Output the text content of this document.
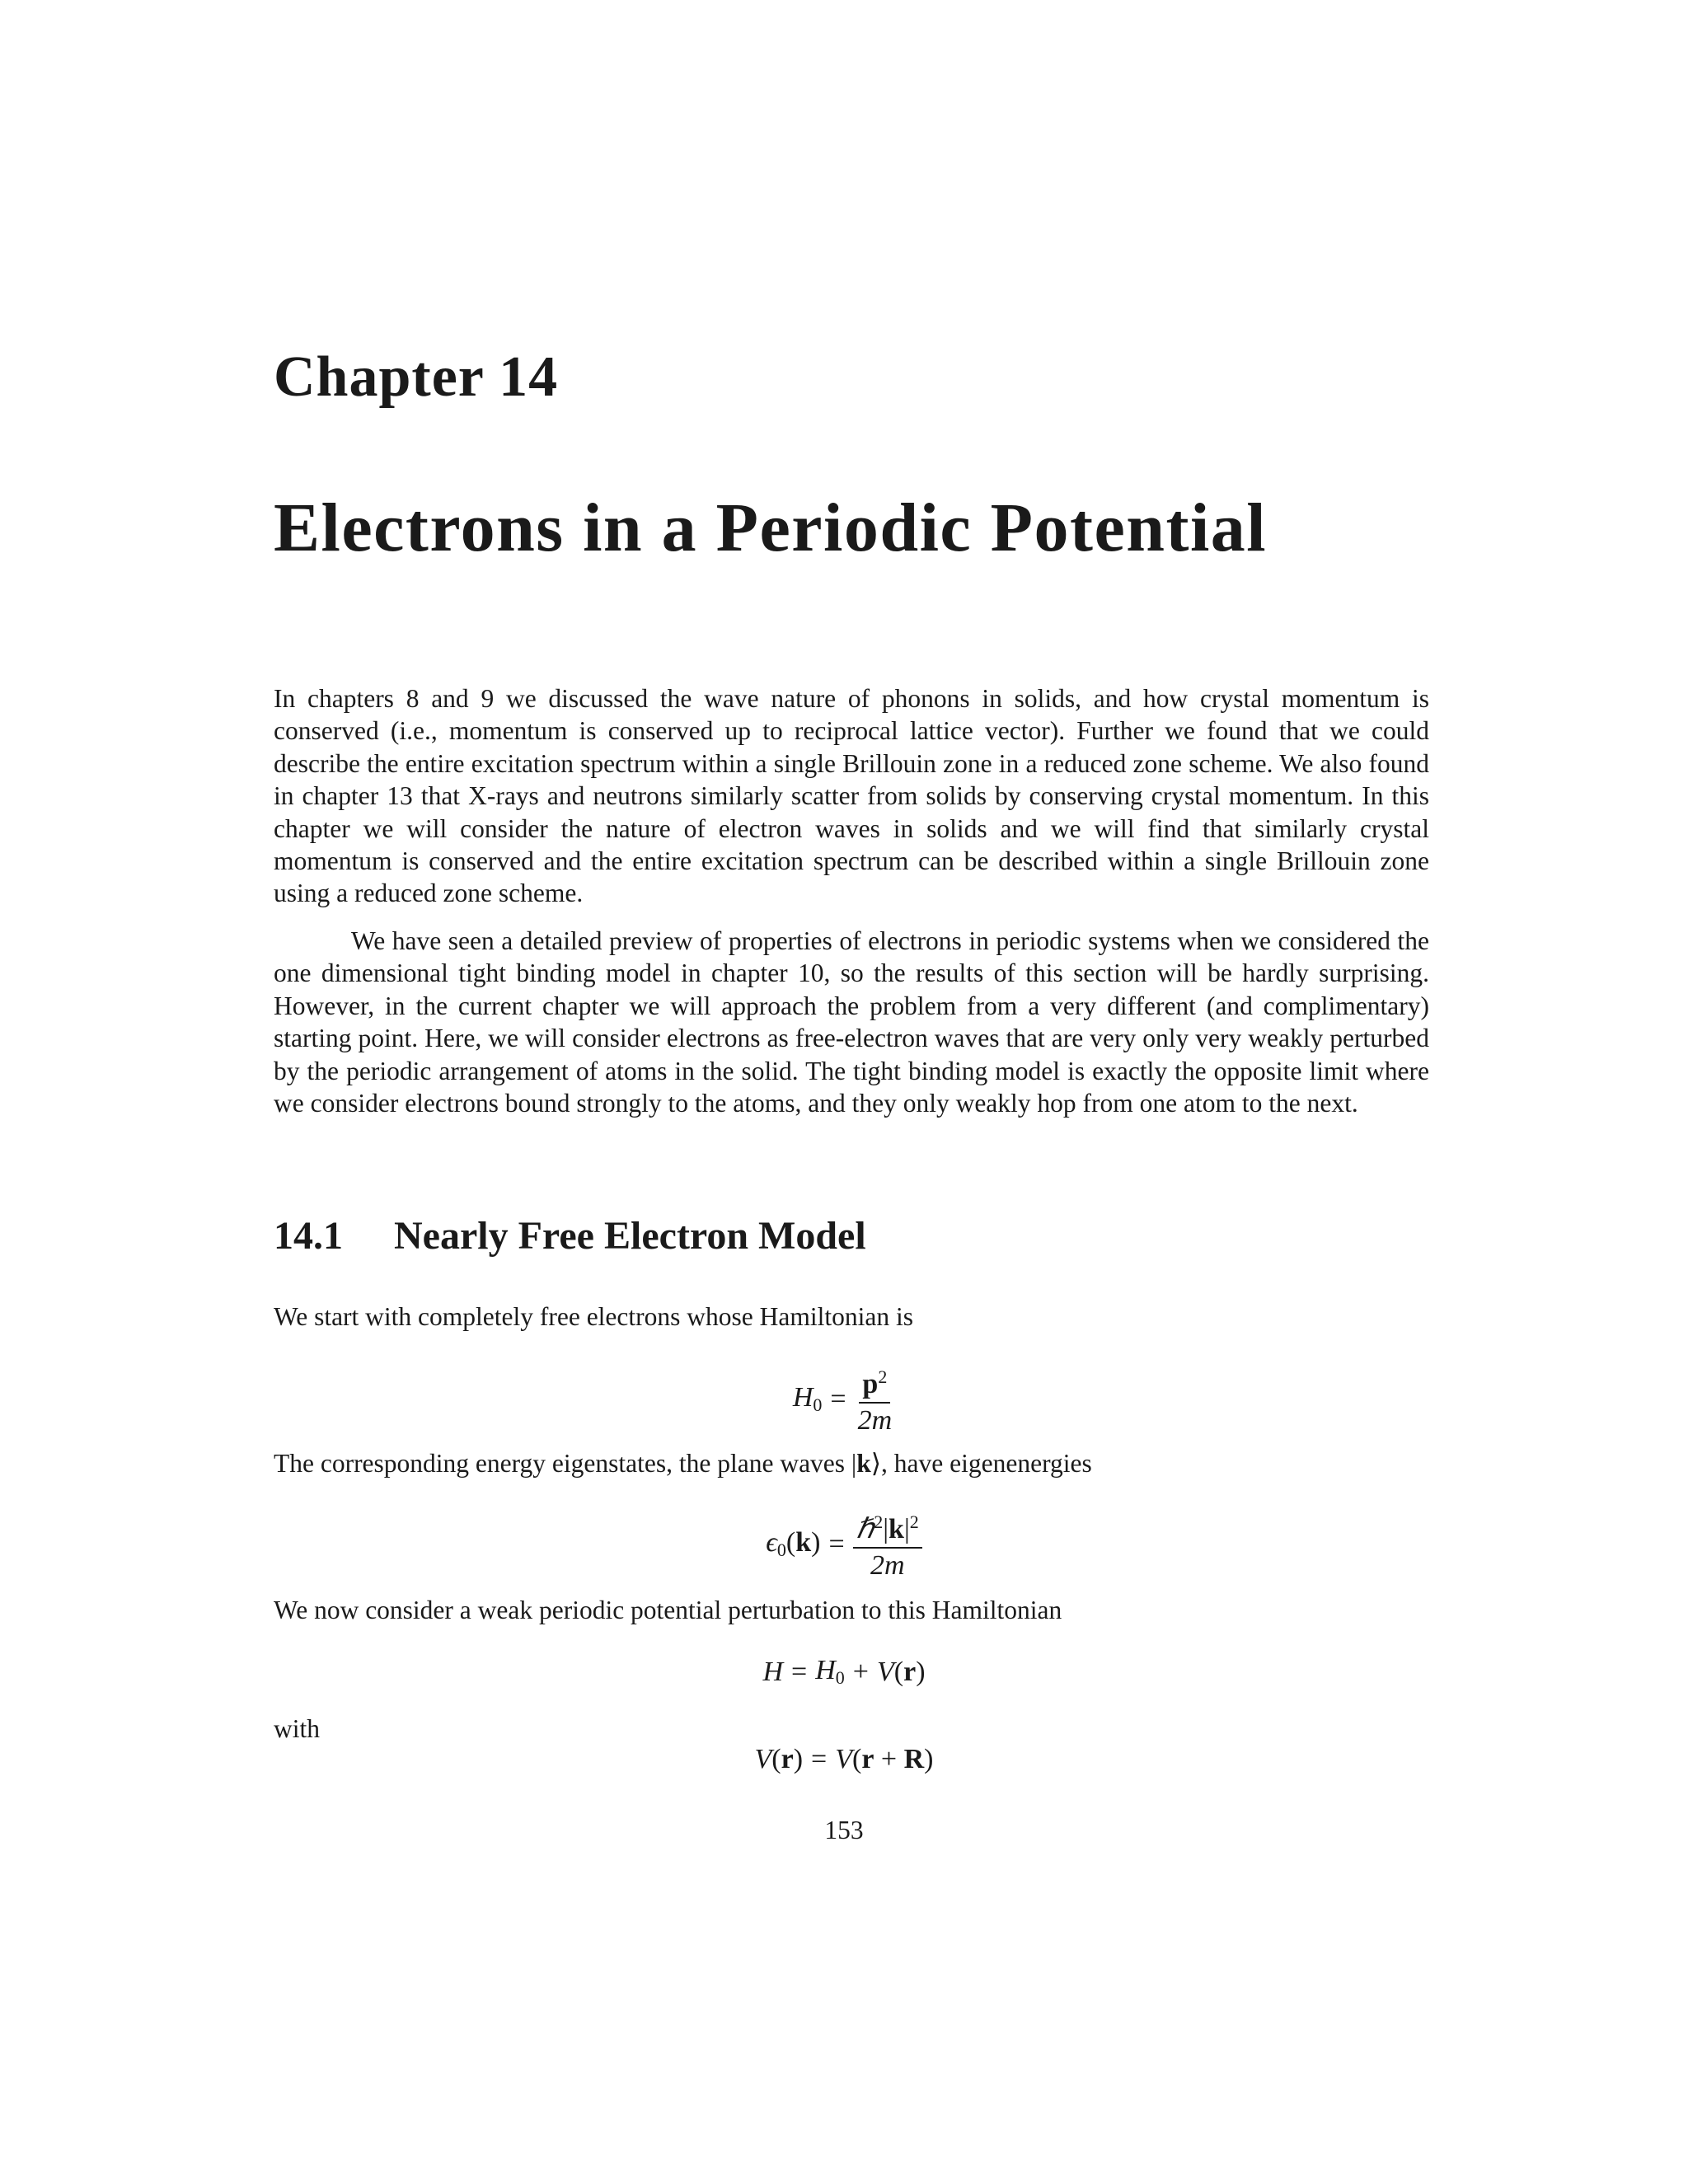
Chapter 14
Electrons in a Periodic Potential

In chapters 8 and 9 we discussed the wave nature of phonons in solids, and how crystal momentum is conserved (i.e., momentum is conserved up to reciprocal lattice vector). Further we found that we could describe the entire excitation spectrum within a single Brillouin zone in a reduced zone scheme. We also found in chapter 13 that X-rays and neutrons similarly scatter from solids by conserving crystal momentum. In this chapter we will consider the nature of electron waves in solids and we will find that similarly crystal momentum is conserved and the entire excitation spectrum can be described within a single Brillouin zone using a reduced zone scheme.

We have seen a detailed preview of properties of electrons in periodic systems when we considered the one dimensional tight binding model in chapter 10, so the results of this section will be hardly surprising. However, in the current chapter we will approach the problem from a very different (and complimentary) starting point. Here, we will consider electrons as free-electron waves that are very only very weakly perturbed by the periodic arrangement of atoms in the solid. The tight binding model is exactly the opposite limit where we consider electrons bound strongly to the atoms, and they only weakly hop from one atom to the next.

14.1 Nearly Free Electron Model

We start with completely free electrons whose Hamiltonian is

$H_0 = \frac{p^2}{2m}$

The corresponding energy eigenstates, the plane waves |k⟩, have eigenenergies

$\epsilon_0(k) = \frac{\hbar^2|k|^2}{2m}$

We now consider a weak periodic potential perturbation to this Hamiltonian

$H = H_0 + V(r)$

with

V(r) = V(r + R)
153
